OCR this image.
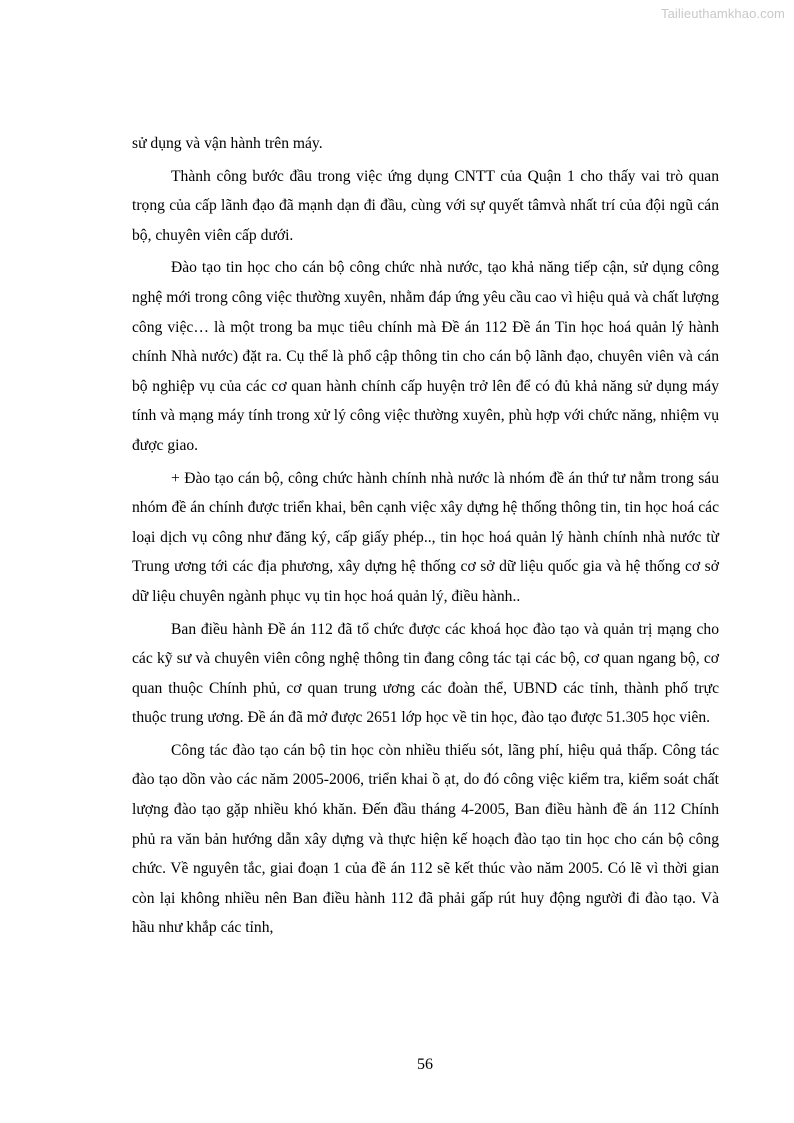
Tailieuthamkhao.com

sử dụng và vận hành trên máy.

Thành công bước đầu trong việc ứng dụng CNTT của Quận 1 cho thấy vai trò quan trọng của cấp lãnh đạo đã mạnh dạn đi đầu, cùng với sự quyết tâmvà nhất trí của đội ngũ cán bộ, chuyên viên cấp dưới.

Đào tạo tin học cho cán bộ công chức nhà nước, tạo khả năng tiếp cận, sử dụng công nghệ mới trong công việc thường xuyên, nhằm đáp ứng yêu cầu cao vì hiệu quả và chất lượng công việc… là một trong ba mục tiêu chính mà Đề án 112 Đề án Tin học hoá quản lý hành chính Nhà nước) đặt ra. Cụ thể là phổ cập thông tin cho cán bộ lãnh đạo, chuyên viên và cán bộ nghiệp vụ của các cơ quan hành chính cấp huyện trở lên để có đủ khả năng sử dụng máy tính và mạng máy tính trong xử lý công việc thường xuyên, phù hợp với chức năng, nhiệm vụ được giao.

+ Đào tạo cán bộ, công chức hành chính nhà nước là nhóm đề án thứ tư nằm trong sáu nhóm đề án chính được triển khai, bên cạnh việc xây dựng hệ thống thông tin, tin học hoá các loại dịch vụ công như đăng ký, cấp giấy phép.., tin học hoá quản lý hành chính nhà nước từ Trung ương tới các địa phương, xây dựng hệ thống cơ sở dữ liệu quốc gia và hệ thống cơ sở dữ liệu chuyên ngành phục vụ tin học hoá quản lý, điều hành..

Ban điều hành Đề án 112 đã tổ chức được các khoá học đào tạo và quản trị mạng cho các kỹ sư và chuyên viên công nghệ thông tin đang công tác tại các bộ, cơ quan ngang bộ, cơ quan thuộc Chính phủ, cơ quan trung ương các đoàn thể, UBND các tỉnh, thành phố trực thuộc trung ương. Đề án đã mở được 2651 lớp học về tin học, đào tạo được 51.305 học viên.

Công tác đào tạo cán bộ tin học còn nhiều thiếu sót, lãng phí, hiệu quả thấp. Công tác đào tạo dồn vào các năm 2005-2006, triển khai ồ ạt, do đó công việc kiểm tra, kiểm soát chất lượng đào tạo gặp nhiều khó khăn. Đến đầu tháng 4-2005, Ban điều hành đề án 112 Chính phủ ra văn bản hướng dẫn xây dựng và thực hiện kế hoạch đào tạo tin học cho cán bộ công chức. Về nguyên tắc, giai đoạn 1 của đề án 112 sẽ kết thúc vào năm 2005. Có lẽ vì thời gian còn lại không nhiều nên Ban điều hành 112 đã phải gấp rút huy động người đi đào tạo. Và hầu như khắp các tỉnh,

56
